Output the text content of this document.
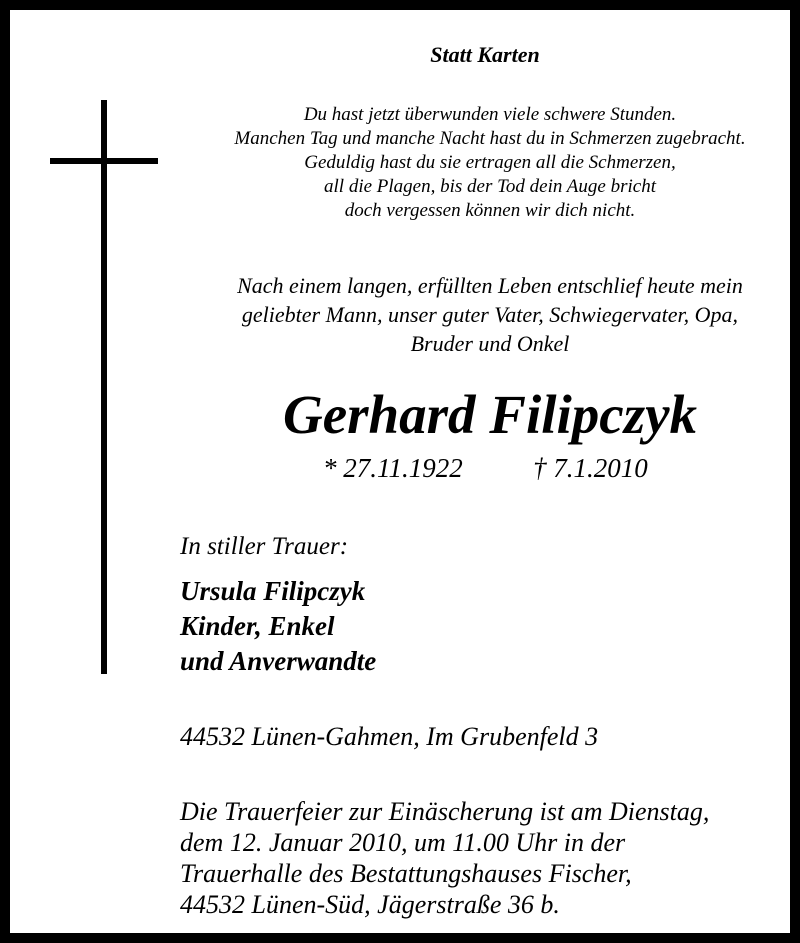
Statt Karten
Du hast jetzt überwunden viele schwere Stunden.
Manchen Tag und manche Nacht hast du in Schmerzen zugebracht.
Geduldig hast du sie ertragen all die Schmerzen,
all die Plagen, bis der Tod dein Auge bricht
doch vergessen können wir dich nicht.
Nach einem langen, erfüllten Leben entschlief heute mein
geliebter Mann, unser guter Vater, Schwiegervater, Opa,
Bruder und Onkel
Gerhard Filipczyk
* 27.11.1922	† 7.1.2010
In stiller Trauer:
Ursula Filipczyk
Kinder, Enkel
und Anverwandte
44532 Lünen-Gahmen, Im Grubenfeld 3
Die Trauerfeier zur Einäscherung ist am Dienstag,
dem 12. Januar 2010, um 11.00 Uhr in der
Trauerhalle des Bestattungshauses Fischer,
44532 Lünen-Süd, Jägerstraße 36 b.
